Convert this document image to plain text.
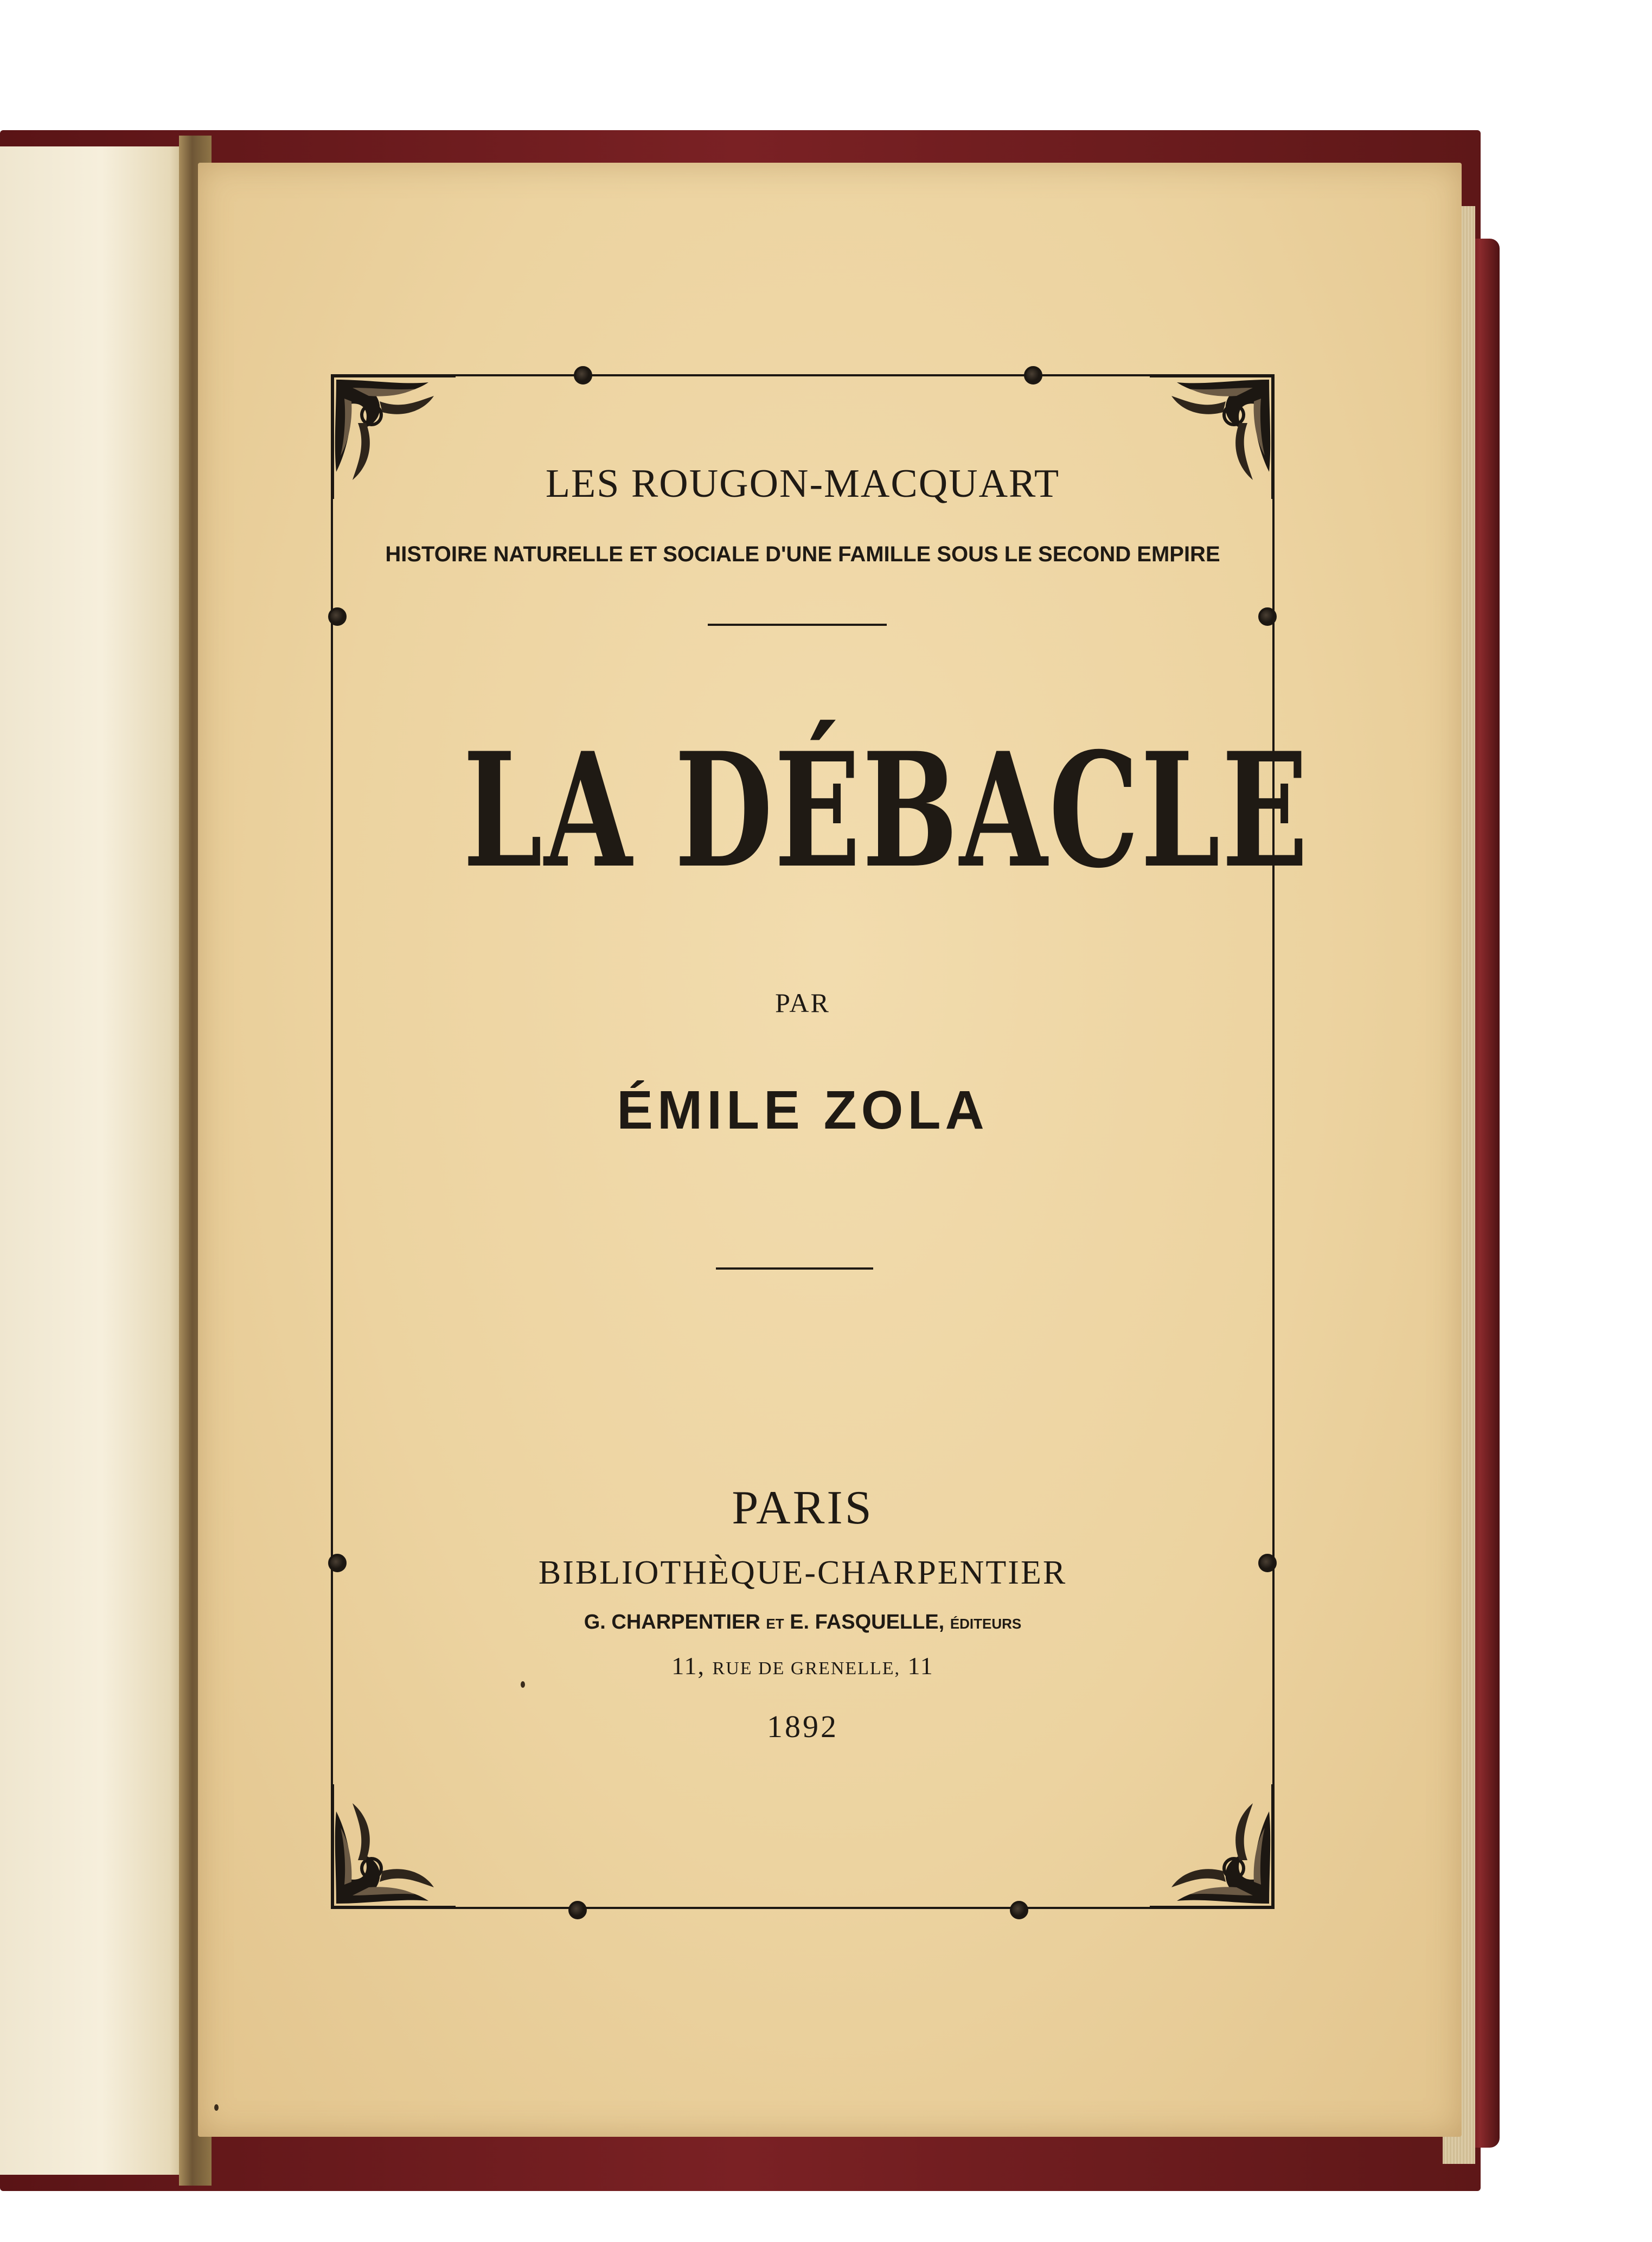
LES ROUGON-MACQUART
HISTOIRE NATURELLE ET SOCIALE D'UNE FAMILLE SOUS LE SECOND EMPIRE
LA DÉBACLE
PAR
ÉMILE ZOLA
PARIS
BIBLIOTHÈQUE-CHARPENTIER
G. CHARPENTIER ET E. FASQUELLE, ÉDITEURS
11, RUE DE GRENELLE, 11
1892
